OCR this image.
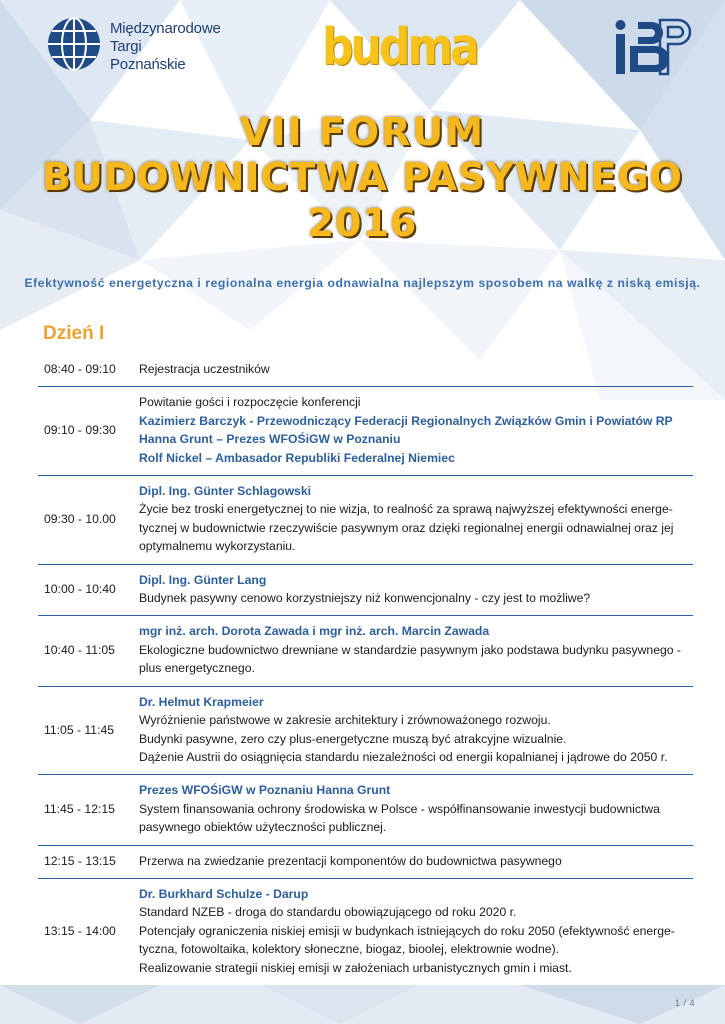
Międzynarodowe
Targi
Poznańskie	budma
VII FORUM
BUDOWNICTWA PASYWNEGO 2016
Efektywność energetyczna i regionalna energia odnawialna najlepszym sposobem na walkę z niską emisją.
Dzień I
08:40 - 09:10	Rejestracja uczestników
09:10 - 09:30
Powitanie gości i rozpoczęcie konferencji
Kazimierz Barczyk - Przewodniczący Federacji Regionalnych Związków Gmin i Powiatów RP
Hanna Grunt – Prezes WFOŚiGW w Poznaniu
Rolf Nickel – Ambasador Republiki Federalnej Niemiec
09:30 - 10.00
Dipl. Ing. Günter Schlagowski
Życie bez troski energetycznej to nie wizja, to realność za sprawą najwyższej efektywności energe-
tycznej w budownictwie rzeczywiście pasywnym oraz dzięki regionalnej energii odnawialnej oraz jej
optymalnemu wykorzystaniu.
10:00 - 10:40
Dipl. Ing. Günter Lang
Budynek pasywny cenowo korzystniejszy niż konwencjonalny - czy jest to możliwe?
10:40 - 11:05
mgr inż. arch. Dorota Zawada i mgr inż. arch. Marcin Zawada
Ekologiczne budownictwo drewniane w standardzie pasywnym jako podstawa budynku pasywnego -
plus energetycznego.
11:05 - 11:45
Dr. Helmut Krapmeier
Wyróżnienie państwowe w zakresie architektury i zrównoważonego rozwoju.
Budynki pasywne, zero czy plus-energetyczne muszą być atrakcyjne wizualnie.
Dążenie Austrii do osiągnięcia standardu niezależności od energii kopalnianej i jądrowe do 2050 r.
11:45 - 12:15
Prezes WFOŚiGW w Poznaniu Hanna Grunt
System finansowania ochrony środowiska w Polsce - współfinansowanie inwestycji budownictwa
pasywnego obiektów użyteczności publicznej.
12:15 - 13:15	Przerwa na zwiedzanie prezentacji komponentów do budownictwa pasywnego
13:15 - 14:00
Dr. Burkhard Schulze - Darup
Standard NZEB - droga do standardu obowiązującego od roku 2020 r.
Potencjały ograniczenia niskiej emisji w budynkach istniejących do roku 2050 (efektywność energe-
tyczna, fotowoltaika, kolektory słoneczne, biogaz, bioolej, elektrownie wodne).
Realizowanie strategii niskiej emisji w założeniach urbanistycznych gmin i miast.
1 / 4
